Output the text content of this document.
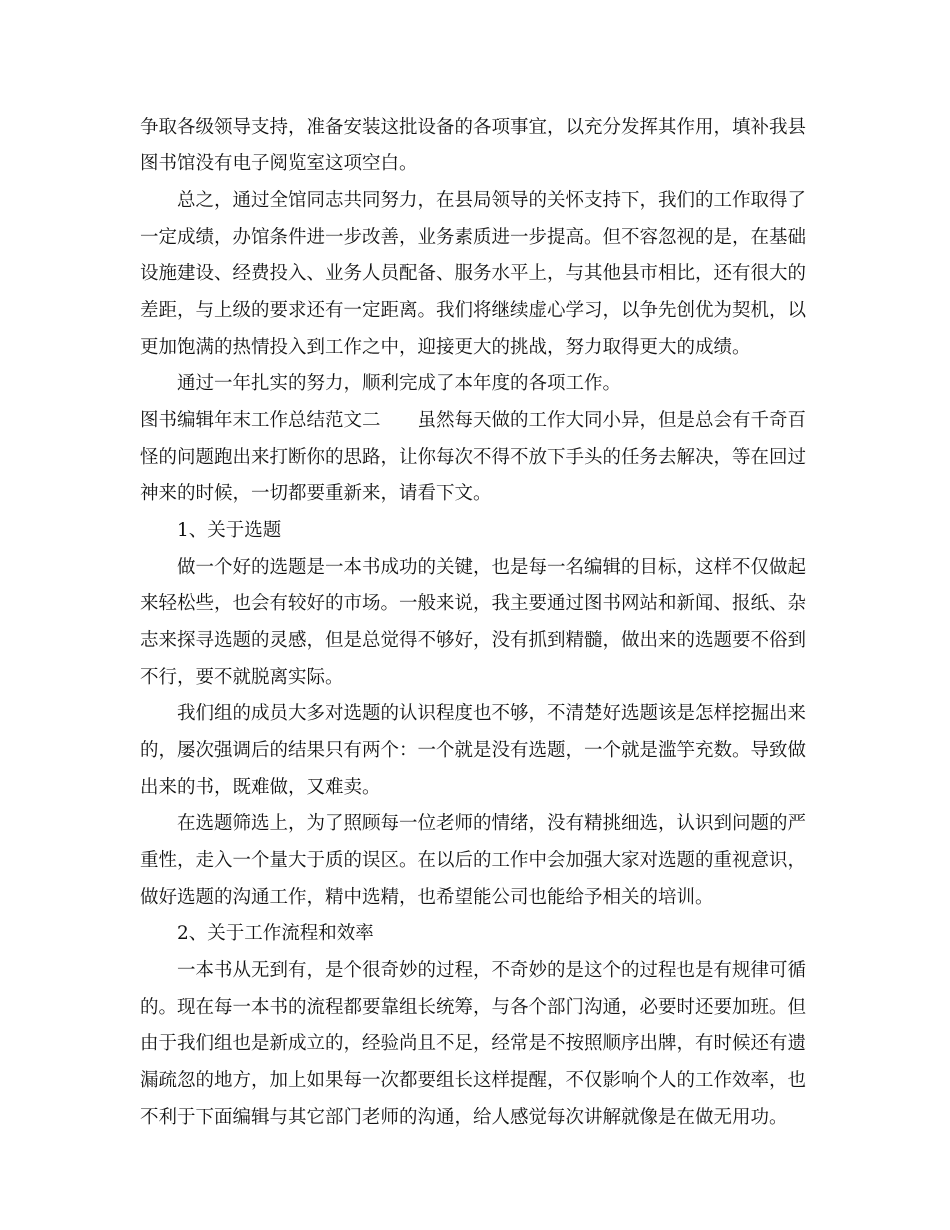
争取各级领导支持，准备安装这批设备的各项事宜，以充分发挥其作用，填补我县
图书馆没有电子阅览室这项空白。
总之，通过全馆同志共同努力，在县局领导的关怀支持下，我们的工作取得了
一定成绩，办馆条件进一步改善，业务素质进一步提高。但不容忽视的是，在基础
设施建设、经费投入、业务人员配备、服务水平上，与其他县市相比，还有很大的
差距，与上级的要求还有一定距离。我们将继续虚心学习，以争先创优为契机，以
更加饱满的热情投入到工作之中，迎接更大的挑战，努力取得更大的成绩。
通过一年扎实的努力，顺利完成了本年度的各项工作。
图书编辑年末工作总结范文二　　虽然每天做的工作大同小异，但是总会有千奇百
怪的问题跑出来打断你的思路，让你每次不得不放下手头的任务去解决，等在回过
神来的时候，一切都要重新来，请看下文。
1、关于选题
做一个好的选题是一本书成功的关键，也是每一名编辑的目标，这样不仅做起
来轻松些，也会有较好的市场。一般来说，我主要通过图书网站和新闻、报纸、杂
志来探寻选题的灵感，但是总觉得不够好，没有抓到精髓，做出来的选题要不俗到
不行，要不就脱离实际。
我们组的成员大多对选题的认识程度也不够，不清楚好选题该是怎样挖掘出来
的，屡次强调后的结果只有两个：一个就是没有选题，一个就是滥竽充数。导致做
出来的书，既难做，又难卖。
在选题筛选上，为了照顾每一位老师的情绪，没有精挑细选，认识到问题的严
重性，走入一个量大于质的误区。在以后的工作中会加强大家对选题的重视意识，
做好选题的沟通工作，精中选精，也希望能公司也能给予相关的培训。
2、关于工作流程和效率
一本书从无到有，是个很奇妙的过程，不奇妙的是这个的过程也是有规律可循
的。现在每一本书的流程都要靠组长统筹，与各个部门沟通，必要时还要加班。但
由于我们组也是新成立的，经验尚且不足，经常是不按照顺序出牌，有时候还有遗
漏疏忽的地方，加上如果每一次都要组长这样提醒，不仅影响个人的工作效率，也
不利于下面编辑与其它部门老师的沟通，给人感觉每次讲解就像是在做无用功。
